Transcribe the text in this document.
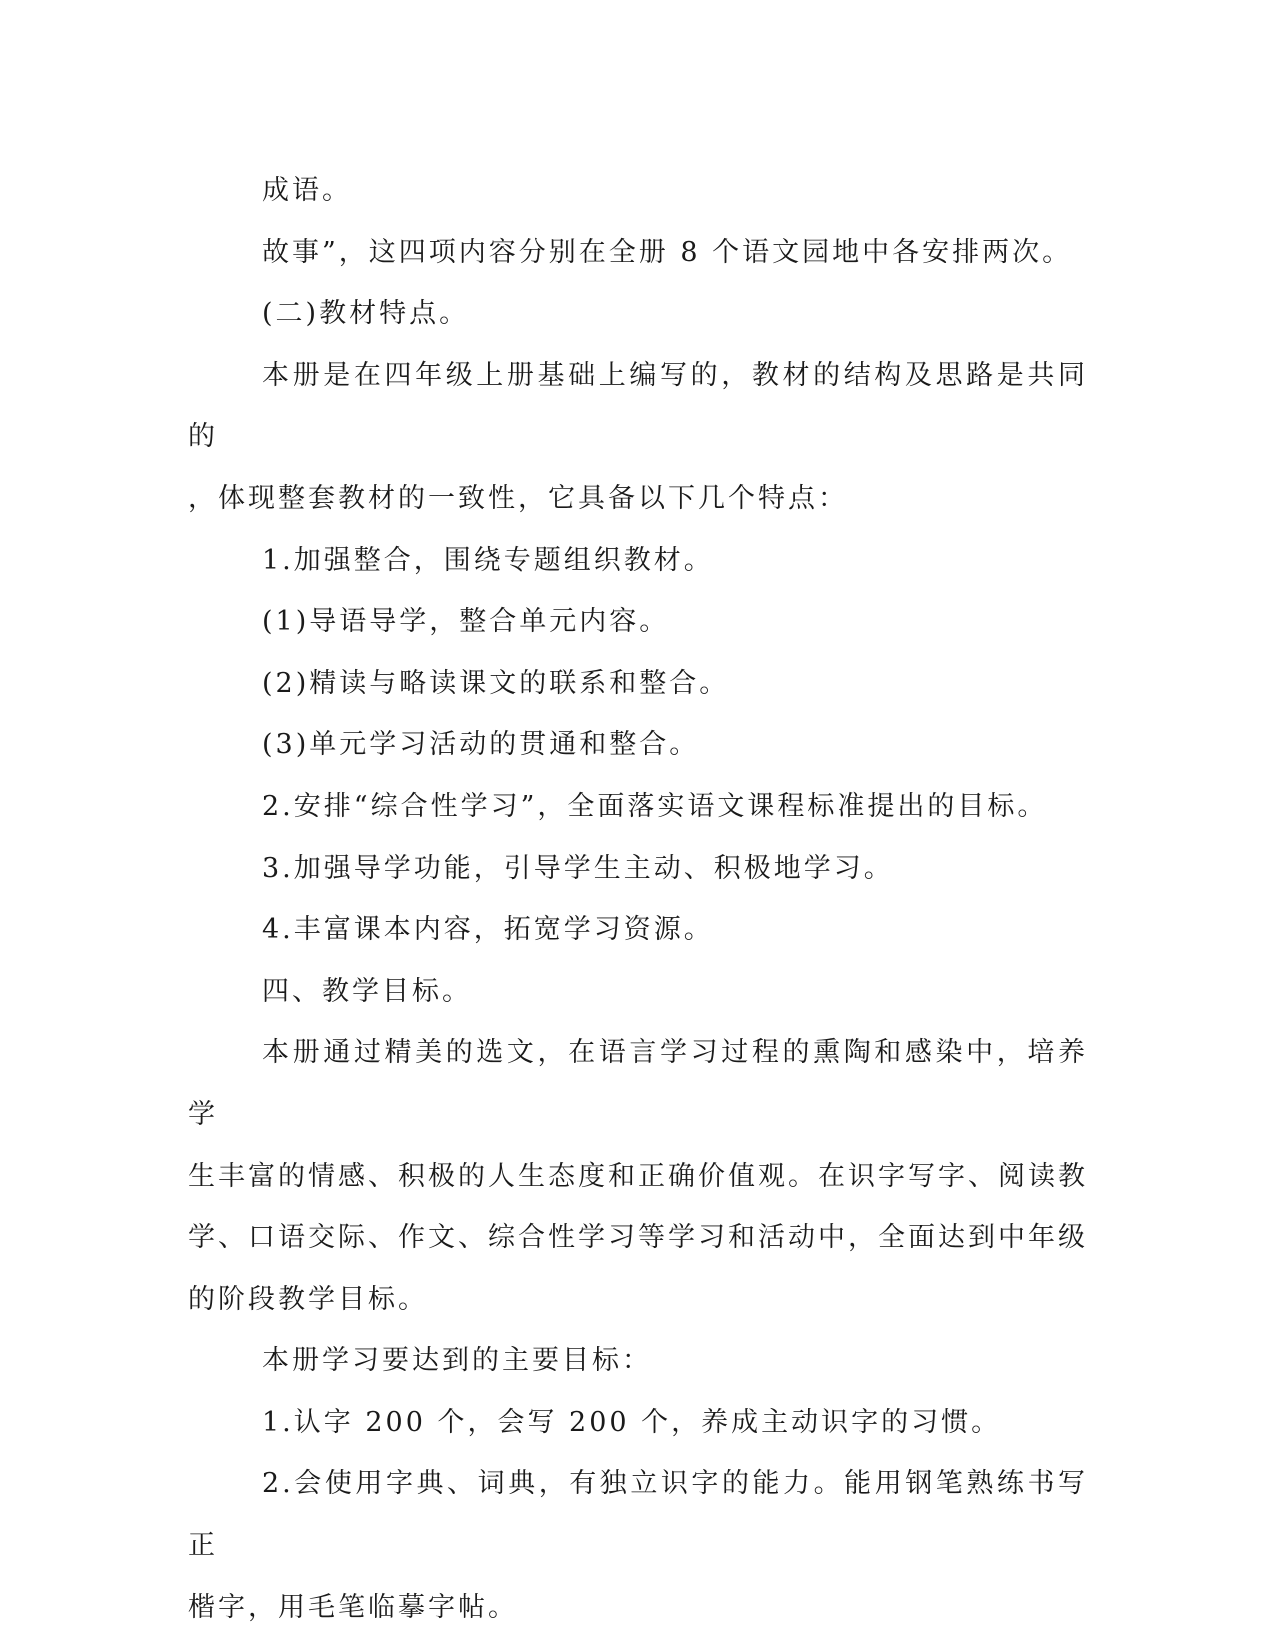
成语。

故事”，这四项内容分别在全册 8 个语文园地中各安排两次。

(二)教材特点。

本册是在四年级上册基础上编写的，教材的结构及思路是共同的
，体现整套教材的一致性，它具备以下几个特点：

1.加强整合，围绕专题组织教材。

(1)导语导学，整合单元内容。

(2)精读与略读课文的联系和整合。

(3)单元学习活动的贯通和整合。

2.安排“综合性学习”，全面落实语文课程标准提出的目标。

3.加强导学功能，引导学生主动、积极地学习。

4.丰富课本内容，拓宽学习资源。

四、教学目标。

本册通过精美的选文，在语言学习过程的熏陶和感染中，培养学
生丰富的情感、积极的人生态度和正确价值观。在识字写字、阅读教
学、口语交际、作文、综合性学习等学习和活动中，全面达到中年级
的阶段教学目标。

本册学习要达到的主要目标：

1.认字 200 个，会写 200 个，养成主动识字的习惯。

2.会使用字典、词典，有独立识字的能力。能用钢笔熟练书写正
楷字，用毛笔临摹字帖。
